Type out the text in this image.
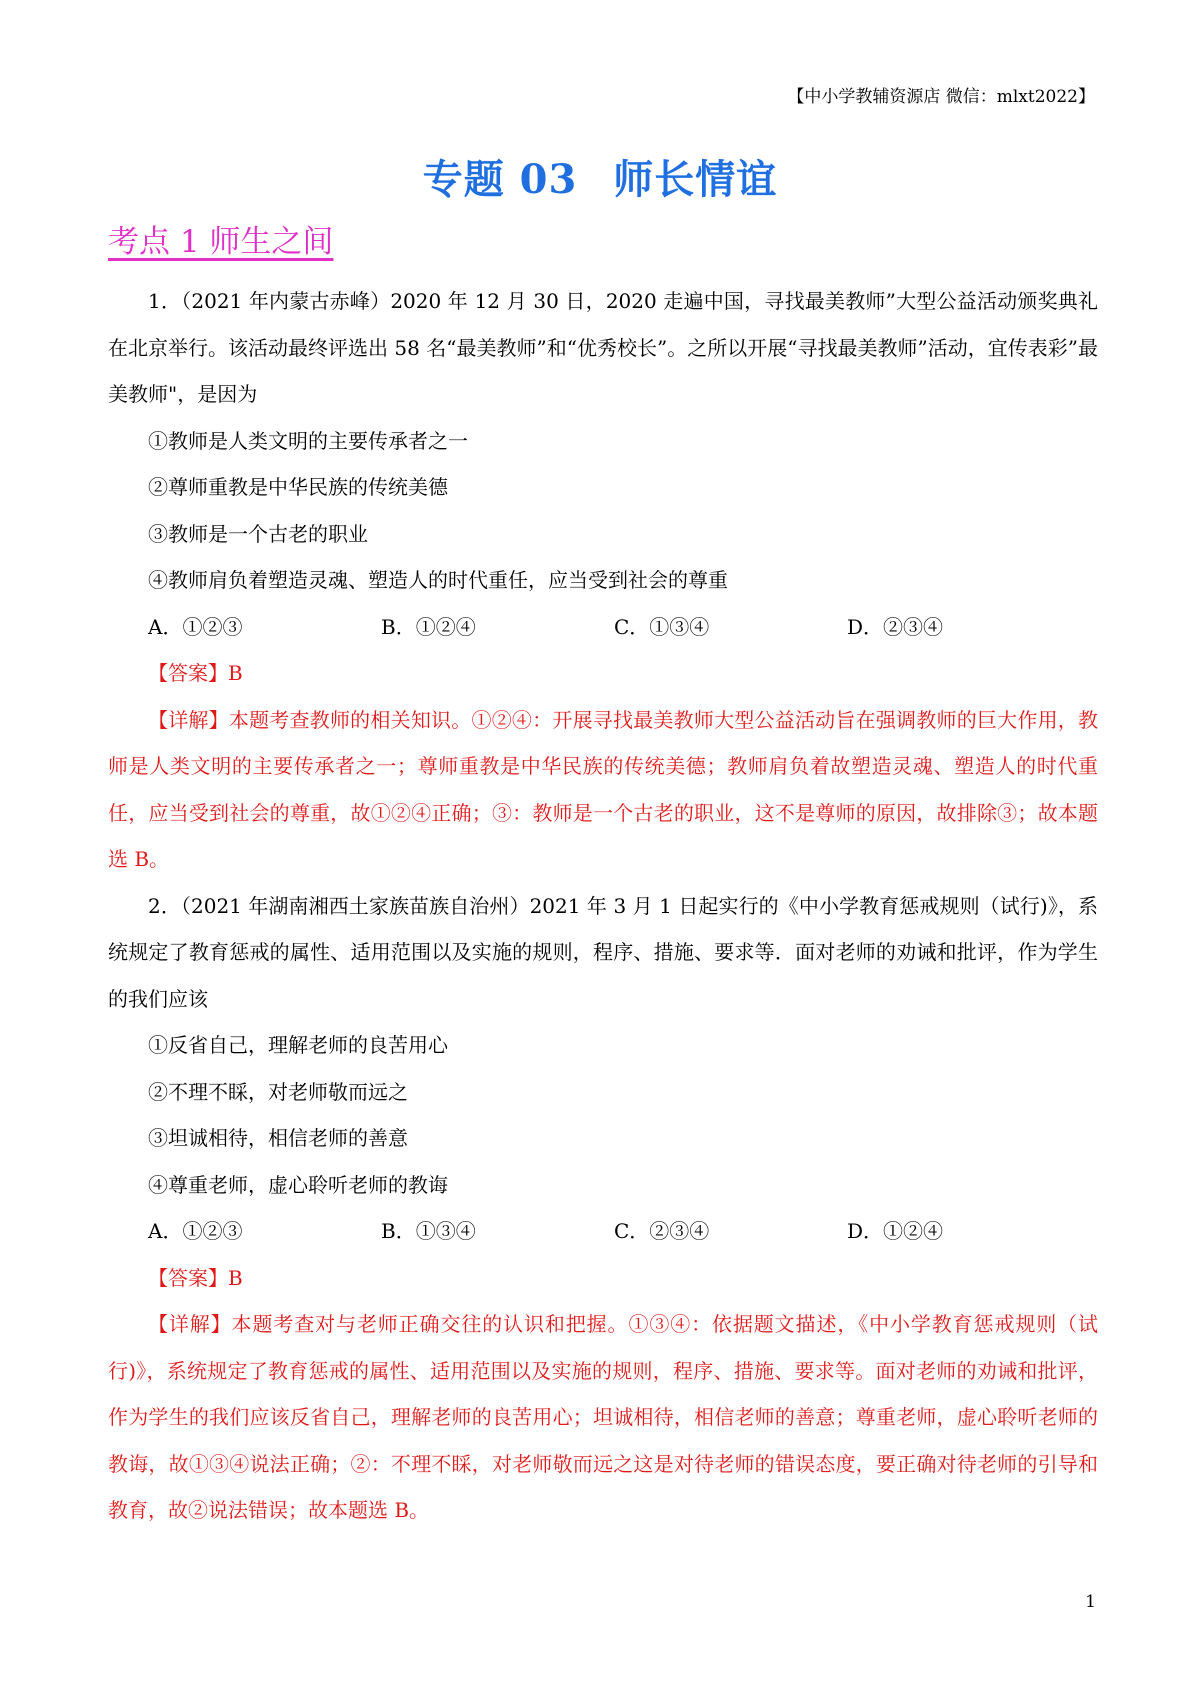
【中小学教辅资源店 微信：mlxt2022】
专题 03 师长情谊
考点 1 师生之间

1．（2021 年内蒙古赤峰）2020 年 12 月 30 日，2020 走遍中国，寻找最美教师”大型公益活动颁奖典礼在北京举行。该活动最终评选出 58 名“最美教师”和“优秀校长”。之所以开展“寻找最美教师”活动，宜传表彩”最美教师"，是因为

①教师是人类文明的主要传承者之一

②尊师重教是中华民族的传统美德

③教师是一个古老的职业

④教师肩负着塑造灵魂、塑造人的时代重任，应当受到社会的尊重

A．①②③	B．①②④	C．①③④	D．②③④

【答案】B

【详解】本题考查教师的相关知识。①②④：开展寻找最美教师大型公益活动旨在强调教师的巨大作用，教师是人类文明的主要传承者之一；尊师重教是中华民族的传统美德；教师肩负着故塑造灵魂、塑造人的时代重任，应当受到社会的尊重，故①②④正确；③：教师是一个古老的职业，这不是尊师的原因，故排除③；故本题选 B。

2．（2021 年湖南湘西土家族苗族自治州）2021 年 3 月 1 日起实行的《中小学教育惩戒规则（试行)》，系统规定了教育惩戒的属性、适用范围以及实施的规则，程序、措施、要求等．面对老师的劝诫和批评，作为学生的我们应该

①反省自己，理解老师的良苦用心

②不理不睬，对老师敬而远之

③坦诚相待，相信老师的善意

④尊重老师，虚心聆听老师的教诲

A．①②③	B．①③④	C．②③④	D．①②④

【答案】B

【详解】本题考查对与老师正确交往的认识和把握。①③④：依据题文描述，《中小学教育惩戒规则（试行)》，系统规定了教育惩戒的属性、适用范围以及实施的规则，程序、措施、要求等。面对老师的劝诫和批评，作为学生的我们应该反省自己，理解老师的良苦用心；坦诚相待，相信老师的善意；尊重老师，虚心聆听老师的教诲，故①③④说法正确；②：不理不睬，对老师敬而远之这是对待老师的错误态度，要正确对待老师的引导和教育，故②说法错误；故本题选 B。

1
